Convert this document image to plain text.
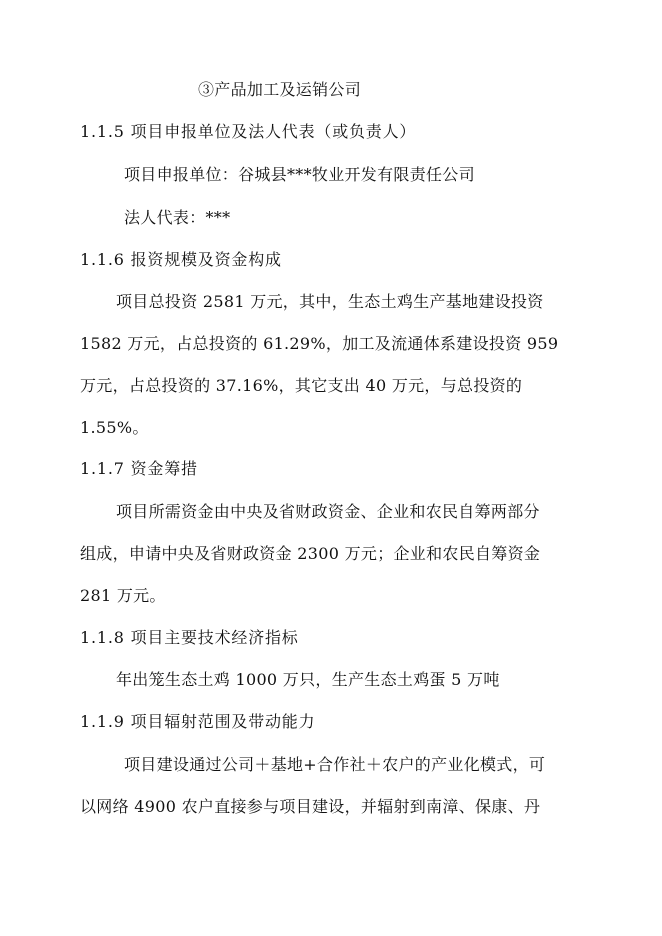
③产品加工及运销公司
1.1.5 项目申报单位及法人代表（或负责人）
项目申报单位：谷城县***牧业开发有限责任公司
法人代表：***
1.1.6 报资规模及资金构成
项目总投资 2581 万元，其中，生态土鸡生产基地建设投资
1582 万元，占总投资的 61.29%，加工及流通体系建设投资 959
万元，占总投资的 37.16%，其它支出 40 万元，与总投资的
1.55%。
1.1.7 资金筹措
项目所需资金由中央及省财政资金、企业和农民自筹两部分
组成，申请中央及省财政资金 2300 万元；企业和农民自筹资金
281 万元。
1.1.8 项目主要技术经济指标
年出笼生态土鸡 1000 万只，生产生态土鸡蛋 5 万吨
1.1.9 项目辐射范围及带动能力
项目建设通过公司＋基地+合作社＋农户的产业化模式，可
以网络 4900 农户直接参与项目建设，并辐射到南漳、保康、丹
